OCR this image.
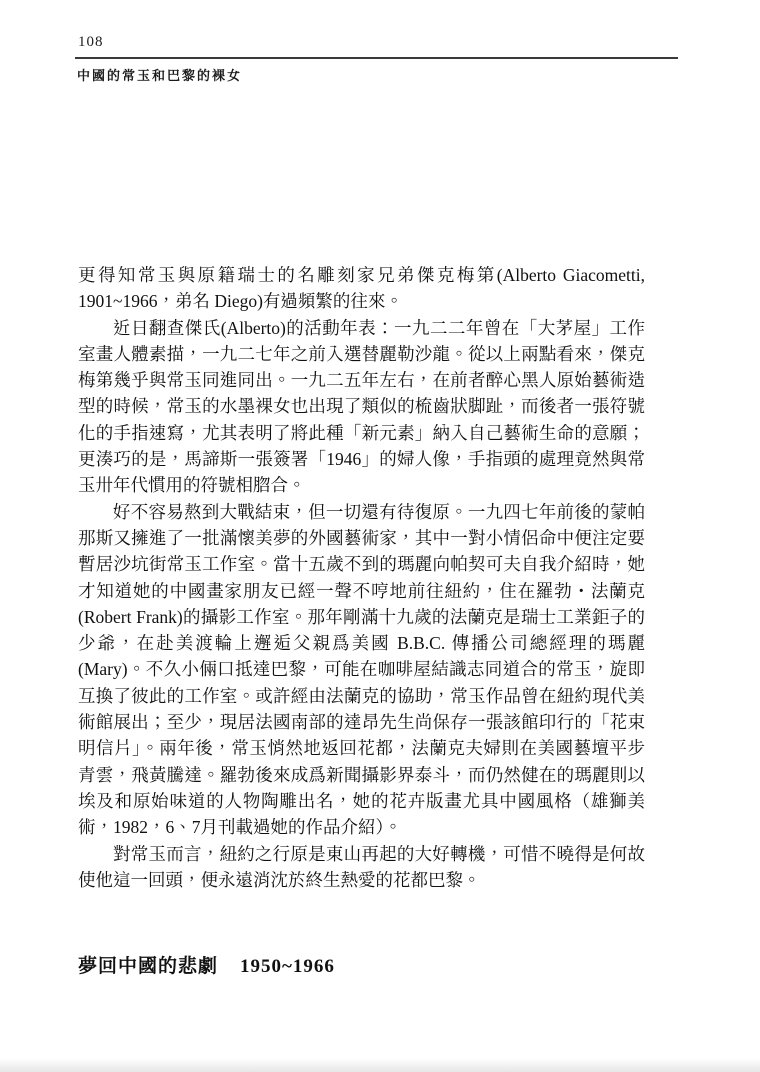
108
中國的常玉和巴黎的裸女

更得知常玉與原籍瑞士的名雕刻家兄弟傑克梅第(Alberto Giacometti, 1901~1966，弟名 Diego)有過頻繁的往來。

近日翻查傑氏(Alberto)的活動年表：一九二二年曾在「大茅屋」工作室畫人體素描，一九二七年之前入選替麗勒沙龍。從以上兩點看來，傑克梅第幾乎與常玉同進同出。一九二五年左右，在前者醉心黑人原始藝術造型的時候，常玉的水墨裸女也出現了類似的梳齒狀脚趾，而後者一張符號化的手指速寫，尤其表明了將此種「新元素」納入自己藝術生命的意願；更湊巧的是，馬諦斯一張簽署「1946」的婦人像，手指頭的處理竟然與常玉卅年代慣用的符號相脗合。

好不容易熬到大戰結束，但一切還有待復原。一九四七年前後的蒙帕那斯又擁進了一批滿懷美夢的外國藝術家，其中一對小情侶命中便注定要暫居沙坑街常玉工作室。當十五歲不到的瑪麗向帕契可夫自我介紹時，她才知道她的中國畫家朋友已經一聲不哼地前往紐約，住在羅勃・法蘭克(Robert Frank)的攝影工作室。那年剛滿十九歲的法蘭克是瑞士工業鉅子的少爺，在赴美渡輪上邂逅父親爲美國 B.B.C. 傳播公司總經理的瑪麗(Mary)。不久小倆口抵達巴黎，可能在咖啡屋結識志同道合的常玉，旋即互換了彼此的工作室。或許經由法蘭克的協助，常玉作品曾在紐約現代美術館展出；至少，現居法國南部的達昂先生尚保存一張該館印行的「花束明信片」。兩年後，常玉悄然地返回花都，法蘭克夫婦則在美國藝壇平步青雲，飛黃騰達。羅勃後來成爲新聞攝影界泰斗，而仍然健在的瑪麗則以埃及和原始味道的人物陶雕出名，她的花卉版畫尤具中國風格（雄獅美術，1982，6、7月刊載過她的作品介紹）。

對常玉而言，紐約之行原是東山再起的大好轉機，可惜不曉得是何故使他這一回頭，便永遠消沈於終生熱愛的花都巴黎。

夢回中國的悲劇 1950~1966
